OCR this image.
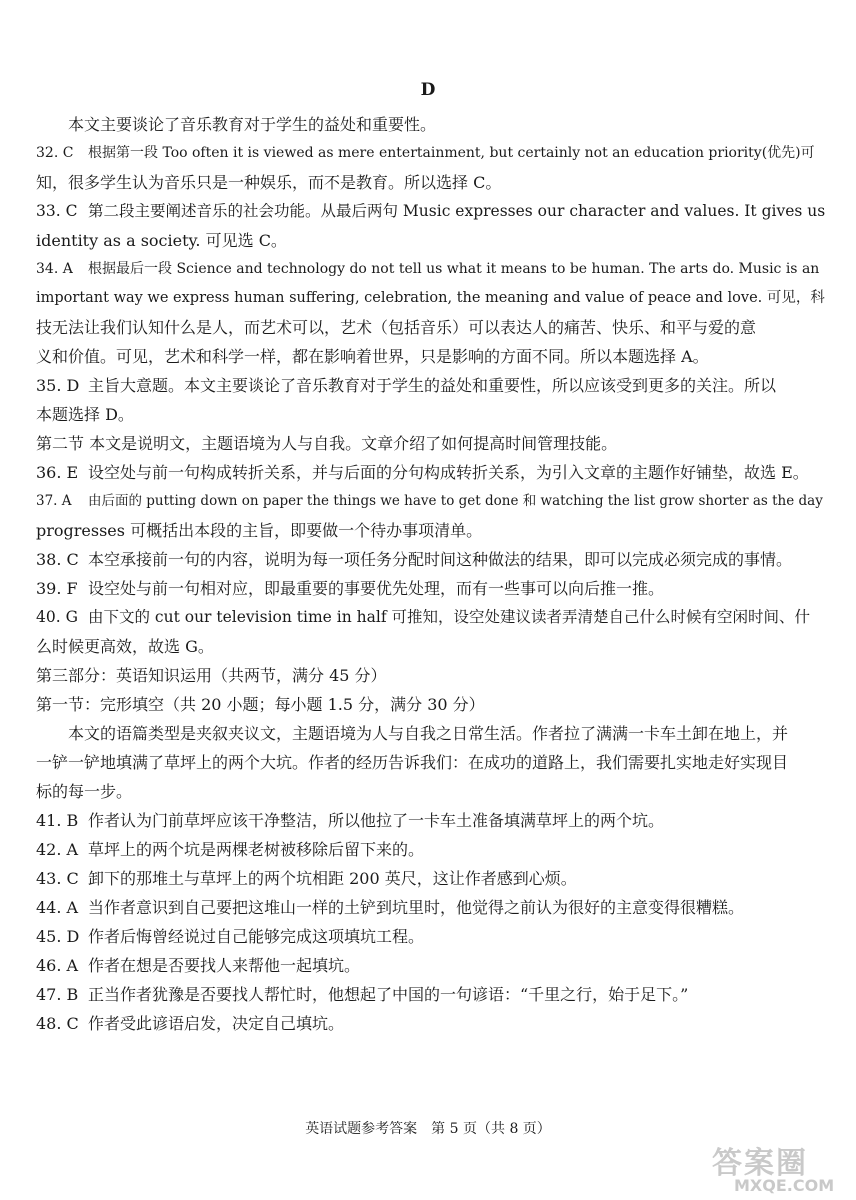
D
本文主要谈论了音乐教育对于学生的益处和重要性。
32. C 根据第一段 Too often it is viewed as mere entertainment, but certainly not an education priority(优先)可
知，很多学生认为音乐只是一种娱乐，而不是教育。所以选择 C。
33. C 第二段主要阐述音乐的社会功能。从最后两句 Music expresses our character and values. It gives us
identity as a society. 可见选 C。
34. A 根据最后一段 Science and technology do not tell us what it means to be human. The arts do. Music is an
important way we express human suffering, celebration, the meaning and value of peace and love. 可见，科
技无法让我们认知什么是人，而艺术可以，艺术（包括音乐）可以表达人的痛苦、快乐、和平与爱的意
义和价值。可见，艺术和科学一样，都在影响着世界，只是影响的方面不同。所以本题选择 A。
35. D 主旨大意题。本文主要谈论了音乐教育对于学生的益处和重要性，所以应该受到更多的关注。所以
本题选择 D。
第二节 本文是说明文，主题语境为人与自我。文章介绍了如何提高时间管理技能。
36. E 设空处与前一句构成转折关系，并与后面的分句构成转折关系，为引入文章的主题作好铺垫，故选 E。
37. A 由后面的 putting down on paper the things we have to get done 和 watching the list grow shorter as the day
progresses 可概括出本段的主旨，即要做一个待办事项清单。
38. C 本空承接前一句的内容，说明为每一项任务分配时间这种做法的结果，即可以完成必须完成的事情。
39. F 设空处与前一句相对应，即最重要的事要优先处理，而有一些事可以向后推一推。
40. G 由下文的 cut our television time in half 可推知，设空处建议读者弄清楚自己什么时候有空闲时间、什
么时候更高效，故选 G。
第三部分：英语知识运用（共两节，满分 45 分）
第一节：完形填空（共 20 小题；每小题 1.5 分，满分 30 分）
本文的语篇类型是夹叙夹议文，主题语境为人与自我之日常生活。作者拉了满满一卡车土卸在地上，并
一铲一铲地填满了草坪上的两个大坑。作者的经历告诉我们：在成功的道路上，我们需要扎实地走好实现目
标的每一步。
41. B 作者认为门前草坪应该干净整洁，所以他拉了一卡车土准备填满草坪上的两个坑。
42. A 草坪上的两个坑是两棵老树被移除后留下来的。
43. C 卸下的那堆土与草坪上的两个坑相距 200 英尺，这让作者感到心烦。
44. A 当作者意识到自己要把这堆山一样的土铲到坑里时，他觉得之前认为很好的主意变得很糟糕。
45. D 作者后悔曾经说过自己能够完成这项填坑工程。
46. A 作者在想是否要找人来帮他一起填坑。
47. B 正当作者犹豫是否要找人帮忙时，他想起了中国的一句谚语：“千里之行，始于足下。”
48. C 作者受此谚语启发，决定自己填坑。
英语试题参考答案　第 5 页（共 8 页）
答案圈
MXQE.COM
